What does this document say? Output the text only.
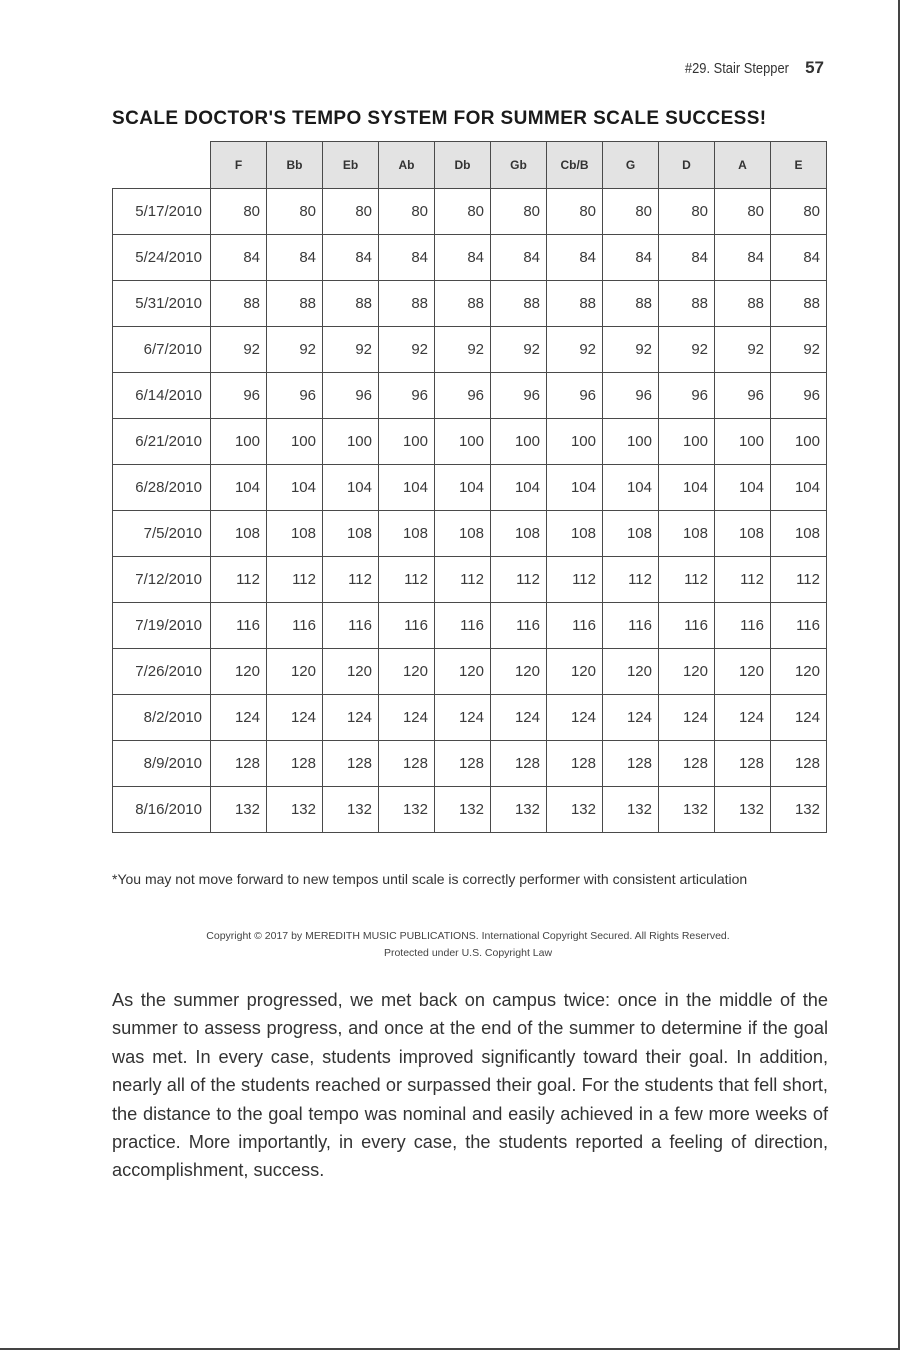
#29. Stair Stepper 57
SCALE DOCTOR'S TEMPO SYSTEM FOR SUMMER SCALE SUCCESS!
	F	Bb	Eb	Ab	Db	Gb	Cb/B	G	D	A	E
5/17/2010	80	80	80	80	80	80	80	80	80	80	80
5/24/2010	84	84	84	84	84	84	84	84	84	84	84
5/31/2010	88	88	88	88	88	88	88	88	88	88	88
6/7/2010	92	92	92	92	92	92	92	92	92	92	92
6/14/2010	96	96	96	96	96	96	96	96	96	96	96
6/21/2010	100	100	100	100	100	100	100	100	100	100	100
6/28/2010	104	104	104	104	104	104	104	104	104	104	104
7/5/2010	108	108	108	108	108	108	108	108	108	108	108
7/12/2010	112	112	112	112	112	112	112	112	112	112	112
7/19/2010	116	116	116	116	116	116	116	116	116	116	116
7/26/2010	120	120	120	120	120	120	120	120	120	120	120
8/2/2010	124	124	124	124	124	124	124	124	124	124	124
8/9/2010	128	128	128	128	128	128	128	128	128	128	128
8/16/2010	132	132	132	132	132	132	132	132	132	132	132
*You may not move forward to new tempos until scale is correctly performer with consistent articulation
Copyright © 2017 by MEREDITH MUSIC PUBLICATIONS. International Copyright Secured. All Rights Reserved.
Protected under U.S. Copyright Law
As the summer progressed, we met back on campus twice: once in the middle of the summer to assess progress, and once at the end of the summer to determine if the goal was met. In every case, students improved significantly toward their goal. In addition, nearly all of the students reached or surpassed their goal. For the students that fell short, the distance to the goal tempo was nominal and easily achieved in a few more weeks of practice. More importantly, in every case, the students reported a feeling of direction, accomplishment, success.
